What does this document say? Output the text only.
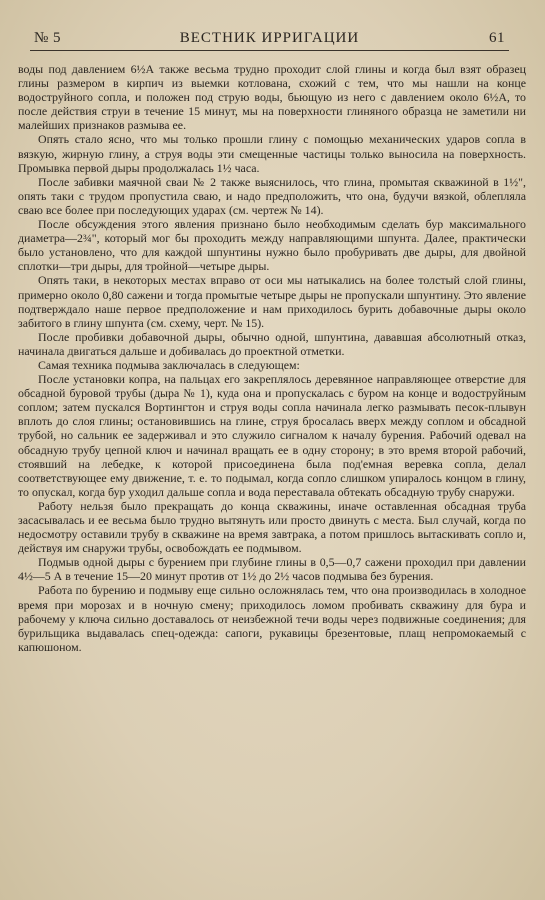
№ 5	ВЕСТНИК ИРРИГАЦИИ	61

воды под давлением 6½А также весьма трудно проходит слой глины и когда был взят образец глины размером в кирпич из выемки котлована, схожий с тем, что мы нашли на конце водоструйного сопла, и положен под струю воды, бьющую из него с давлением около 6½А, то после действия струи в течение 15 минут, мы на поверхности глиняного образца не заметили ни малейших признаков размыва ее.

Опять стало ясно, что мы только прошли глину с помощью механических ударов сопла в вязкую, жирную глину, а струя воды эти смещенные частицы только выносила на поверхность. Промывка первой дыры продолжалась 1½ часа.

После забивки маячной сваи № 2 также выяснилось, что глина, промытая скважиной в 1½", опять таки с трудом пропустила сваю, и надо предположить, что она, будучи вязкой, облепляла сваю все более при последующих ударах (см. чертеж № 14).

После обсуждения этого явления признано было необходимым сделать бур максимального диаметра—2¾", который мог бы проходить между направляющими шпунта. Далее, практически было установлено, что для каждой шпунтины нужно было пробуривать две дыры, для двойной сплотки—три дыры, для тройной—четыре дыры.

Опять таки, в некоторых местах вправо от оси мы натыкались на более толстый слой глины, примерно около 0,80 сажени и тогда промытые четыре дыры не пропускали шпунтину. Это явление подтверждало наше первое предположение и нам приходилось бурить добавочные дыры около забитого в глину шпунта (см. схему, черт. № 15).

После пробивки добавочной дыры, обычно одной, шпунтина, дававшая абсолютный отказ, начинала двигаться дальше и добивалась до проектной отметки.

Самая техника подмыва заключалась в следующем:

После установки копра, на пальцах его закреплялось деревянное направляющее отверстие для обсадной буровой трубы (дыра № 1), куда она и пропускалась с буром на конце и водоструйным соплом; затем пускался Вортингтон и струя воды сопла начинала легко размывать песок-плывун вплоть до слоя глины; остановившись на глине, струя бросалась вверх между соплом и обсадной трубой, но сальник ее задерживал и это служило сигналом к началу бурения. Рабочий одевал на обсадную трубу цепной ключ и начинал вращать ее в одну сторону; в это время второй рабочий, стоявший на лебедке, к которой присоединена была под'емная веревка сопла, делал соответствующее ему движение, т. е. то подымал, когда сопло слишком упиралось концом в глину, то опускал, когда бур уходил дальше сопла и вода переставала обтекать обсадную трубу снаружи.

Работу нельзя было прекращать до конца скважины, иначе оставленная обсадная труба засасывалась и ее весьма было трудно вытянуть или просто двинуть с места. Был случай, когда по недосмотру оставили трубу в скважине на время завтрака, а потом пришлось вытаскивать сопло и, действуя им снаружи трубы, освобождать ее подмывом.

Подмыв одной дыры с бурением при глубине глины в 0,5—0,7 сажени проходил при давлении 4½—5 А в течение 15—20 минут против от 1½ до 2½ часов подмыва без бурения.

Работа по бурению и подмыву еще сильно осложнялась тем, что она производилась в холодное время при морозах и в ночную смену; приходилось ломом пробивать скважину для бура и рабочему у ключа сильно доставалось от неизбежной течи воды через подвижные соединения; для бурильщика выдавалась спец-одежда: сапоги, рукавицы брезентовые, плащ непромокаемый с капюшоном.
